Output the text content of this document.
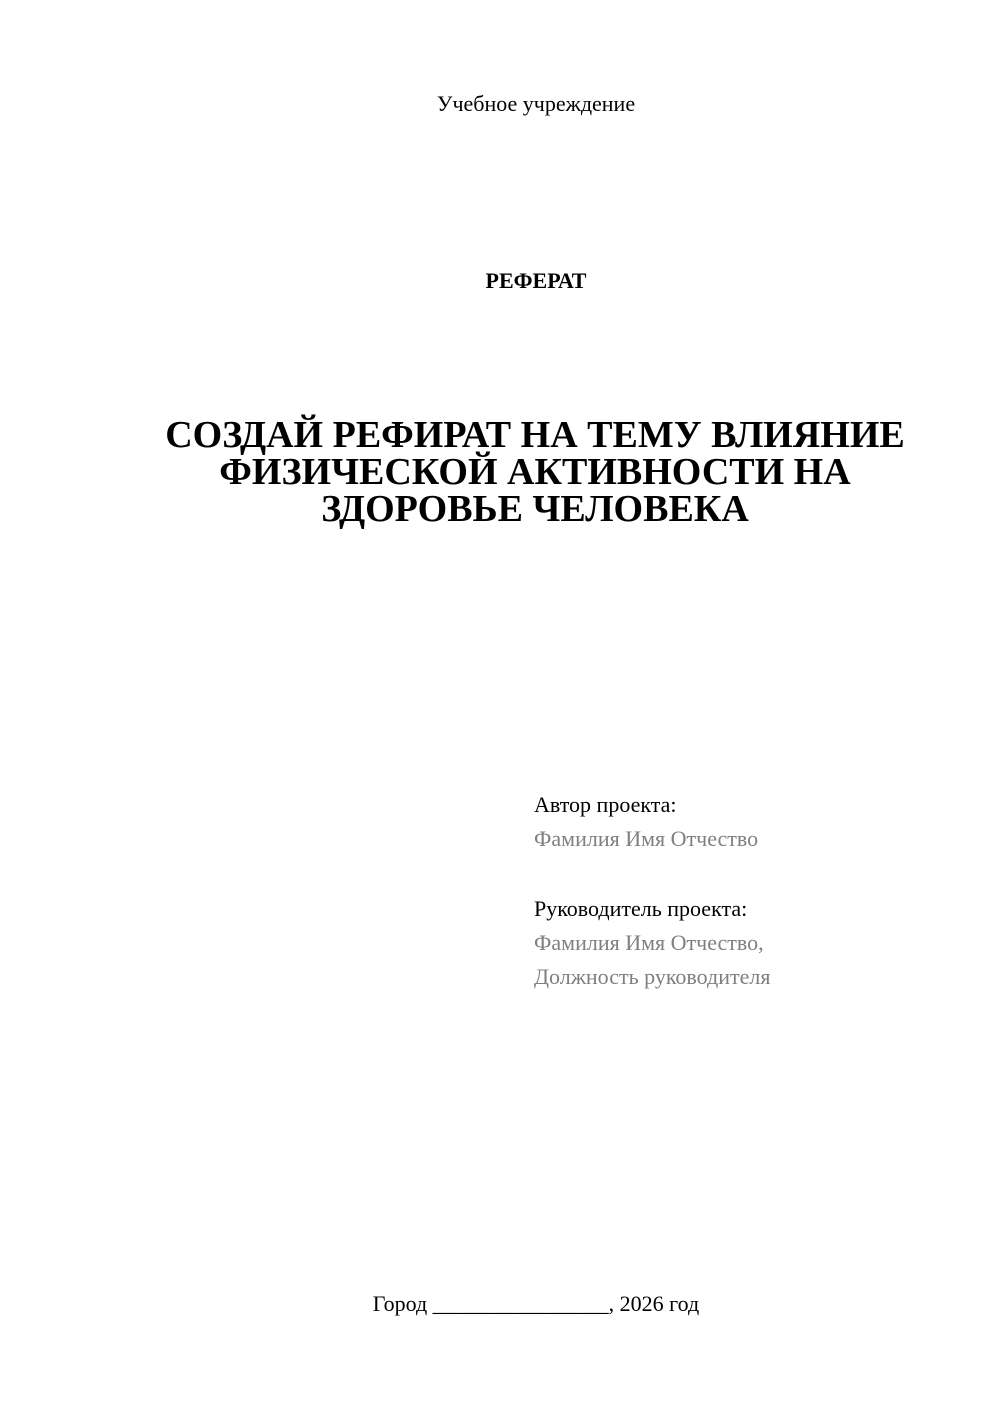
Учебное учреждение
РЕФЕРАТ
СОЗДАЙ РЕФИРАТ НА ТЕМУ ВЛИЯНИЕ
ФИЗИЧЕСКОЙ АКТИВНОСТИ НА
ЗДОРОВЬЕ ЧЕЛОВЕКА
Автор проекта:
Фамилия Имя Отчество
Руководитель проекта:
Фамилия Имя Отчество,
Должность руководителя
Город ________________, 2026 год
